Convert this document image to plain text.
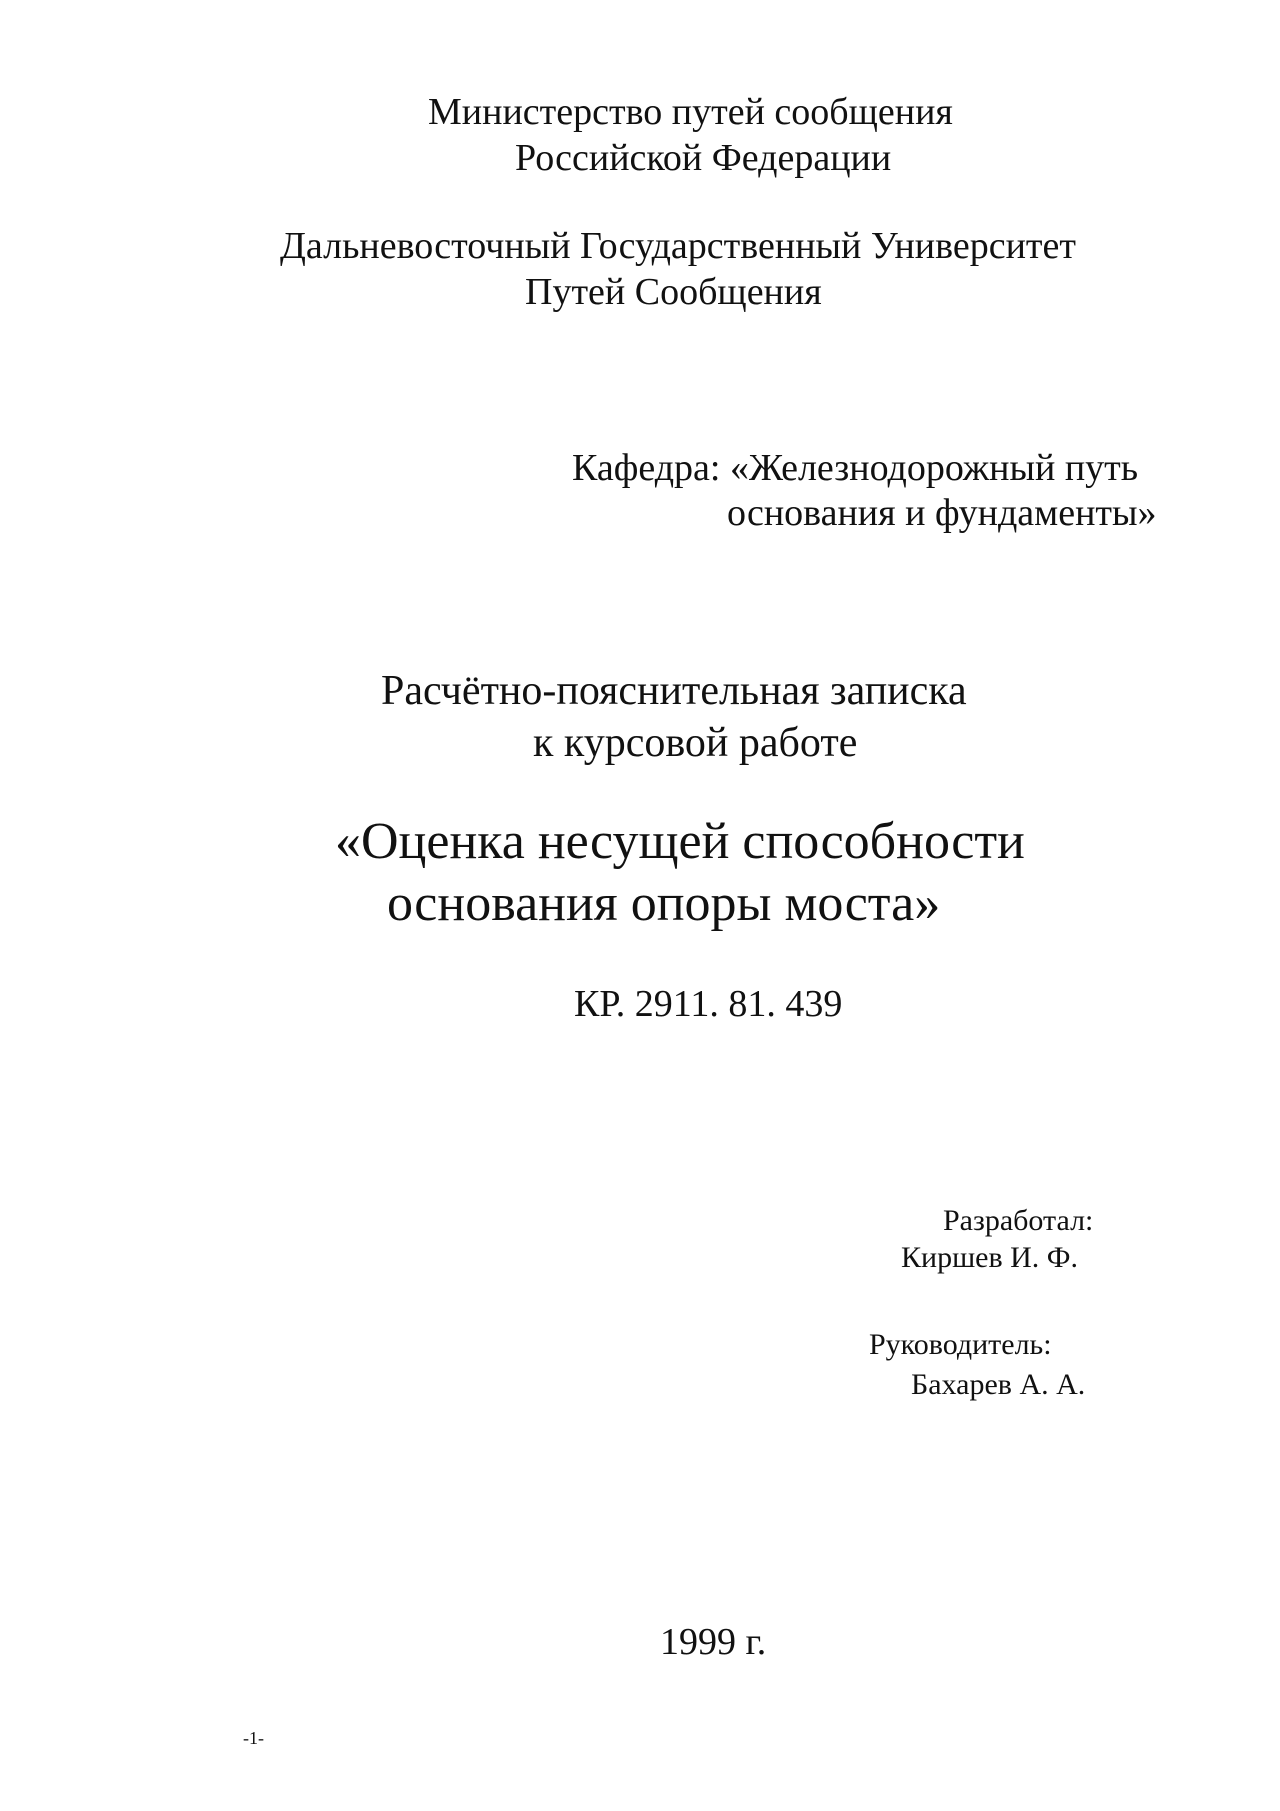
Министерство путей сообщения
Российской Федерации
Дальневосточный Государственный Университет
Путей Сообщения
Кафедра: «Железнодорожный путь
основания и фундаменты»
Расчётно-пояснительная записка
к курсовой работе
«Оценка несущей способности
основания опоры моста»
КР. 2911. 81. 439
Разработал:
Киршев И. Ф.
Руководитель:
Бахарев А. А.
1999 г.
-1-
